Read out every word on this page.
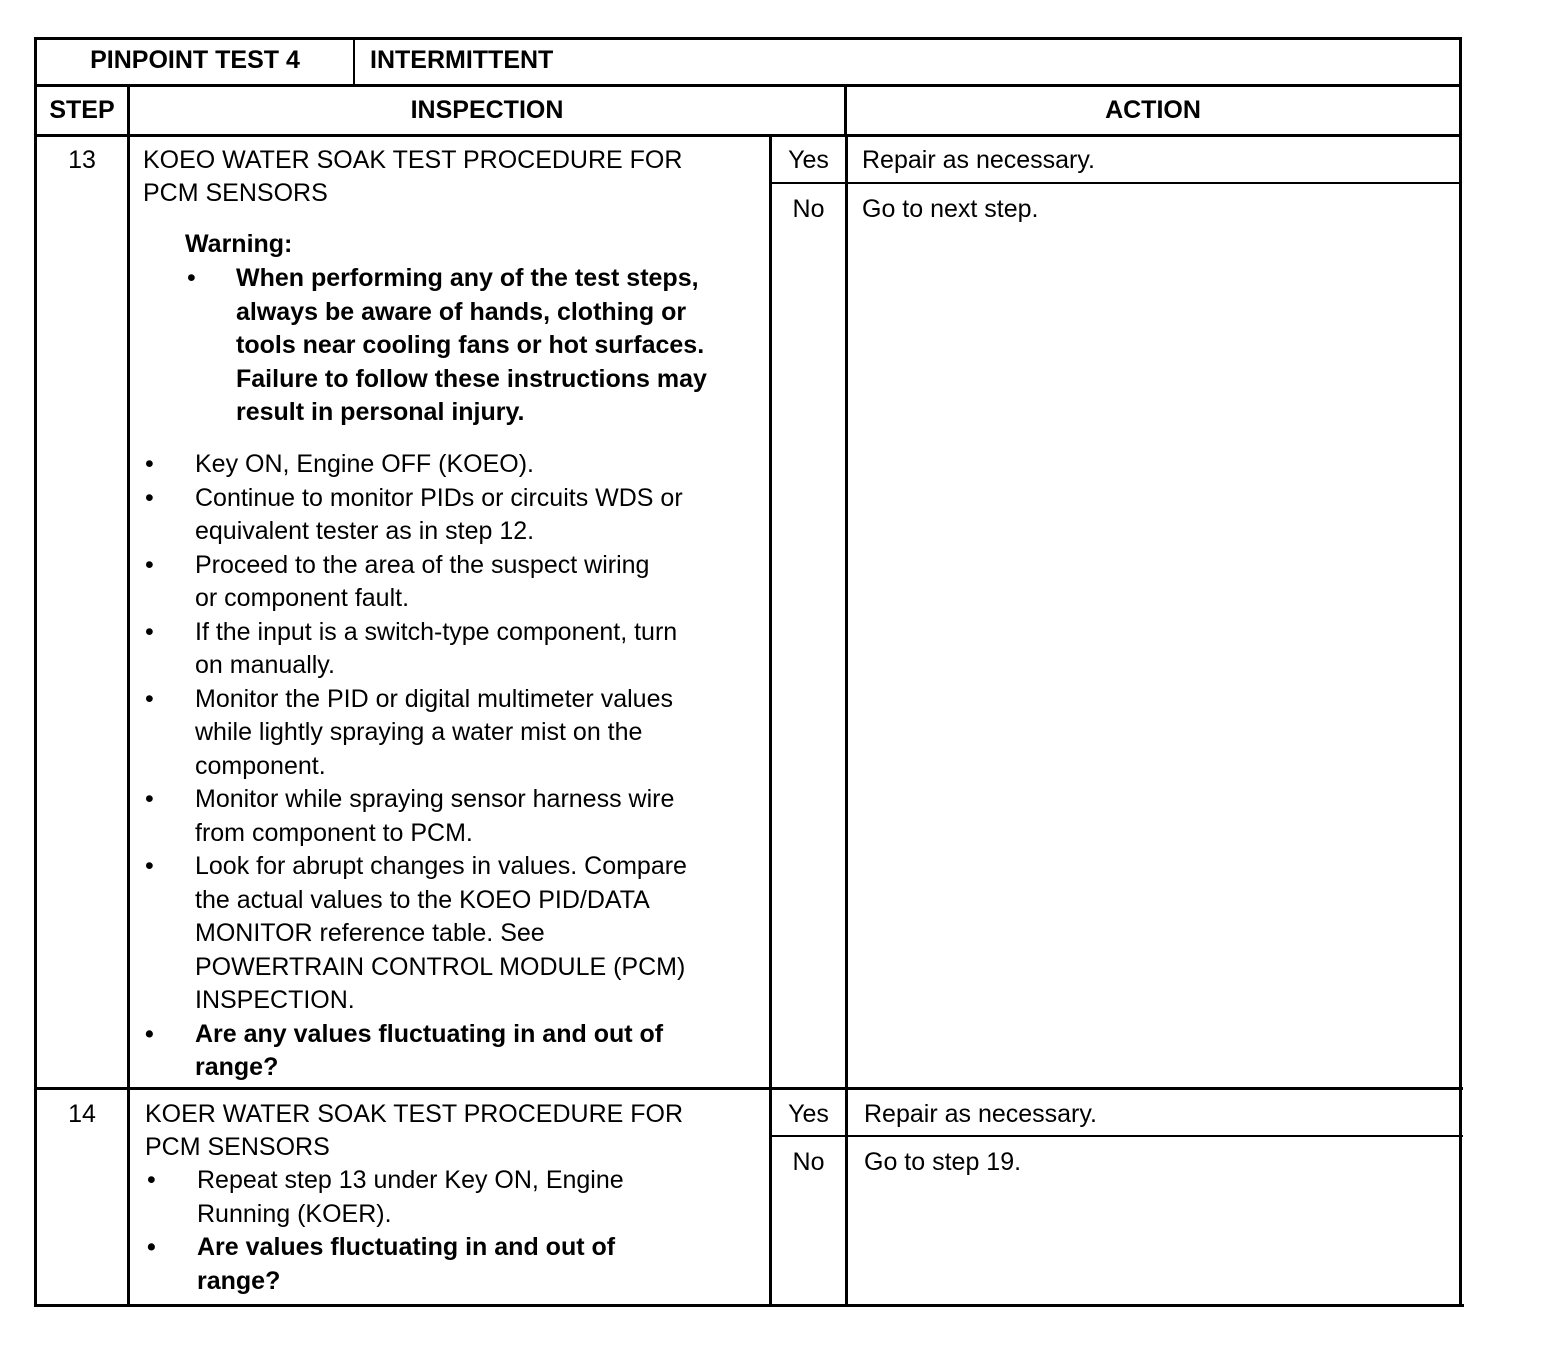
PINPOINT TEST 4	INTERMITTENT
STEP	INSPECTION	ACTION
13	KOEO WATER SOAK TEST PROCEDURE FOR
PCM SENSORS
Warning:
• When performing any of the test steps,
always be aware of hands, clothing or
tools near cooling fans or hot surfaces.
Failure to follow these instructions may
result in personal injury.
• Key ON, Engine OFF (KOEO).
• Continue to monitor PIDs or circuits WDS or
equivalent tester as in step 12.
• Proceed to the area of the suspect wiring
or component fault.
• If the input is a switch-type component, turn
on manually.
• Monitor the PID or digital multimeter values
while lightly spraying a water mist on the
component.
• Monitor while spraying sensor harness wire
from component to PCM.
• Look for abrupt changes in values. Compare
the actual values to the KOEO PID/DATA
MONITOR reference table. See
POWERTRAIN CONTROL MODULE (PCM)
INSPECTION.
• Are any values fluctuating in and out of
range?
Yes	Repair as necessary.
No	Go to next step.
14	KOER WATER SOAK TEST PROCEDURE FOR
PCM SENSORS
• Repeat step 13 under Key ON, Engine
Running (KOER).
• Are values fluctuating in and out of
range?
Yes	Repair as necessary.
No	Go to step 19.
